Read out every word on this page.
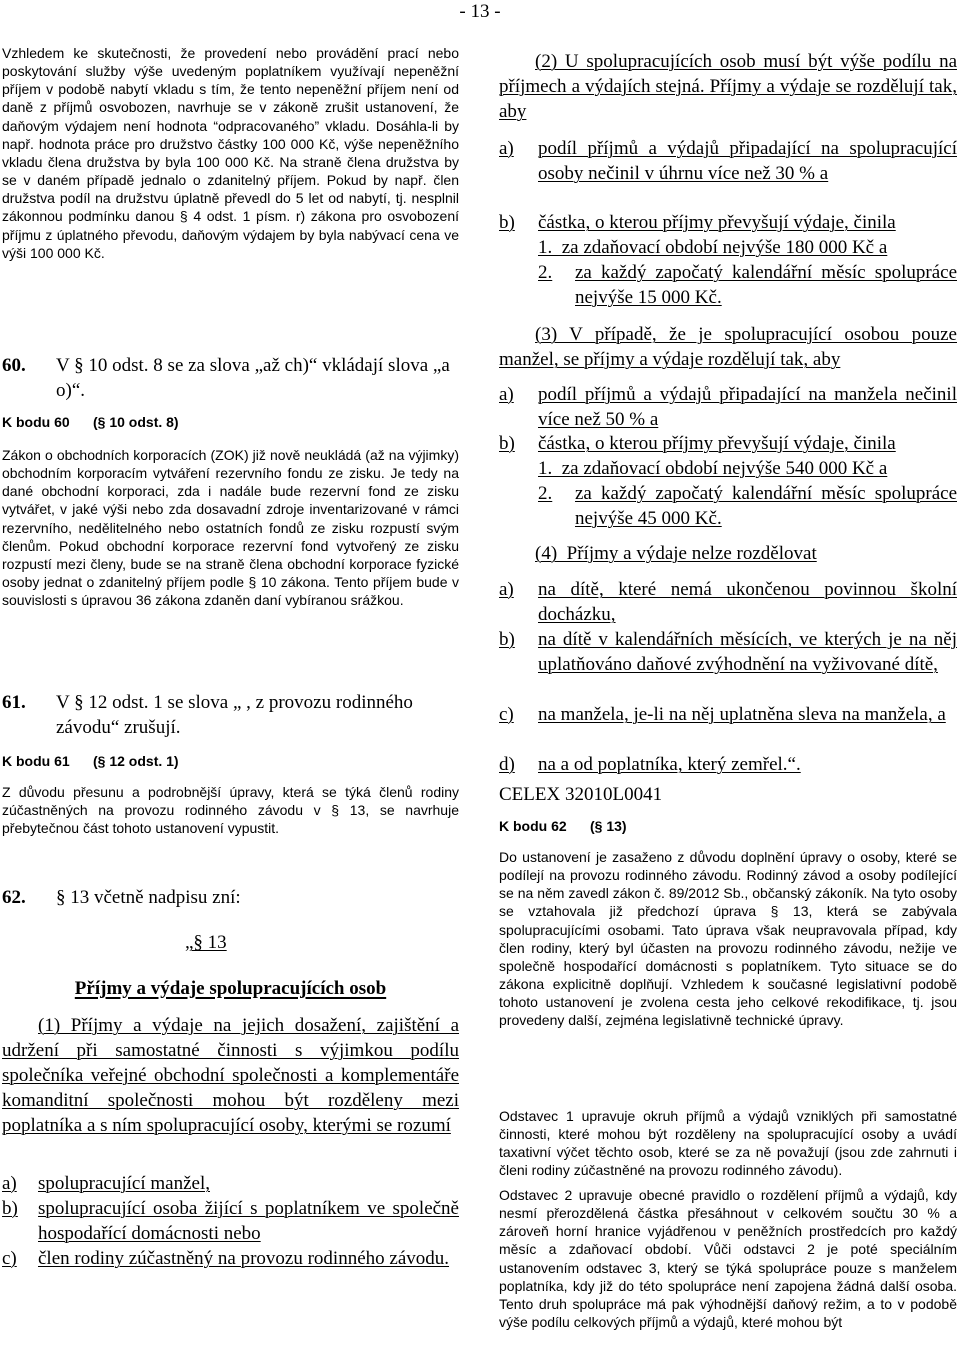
- 13 -
Vzhledem ke skutečnosti, že provedení nebo provádění prací nebo poskytování služby výše uvedeným poplatníkem využívají nepeněžní příjem v podobě nabytí vkladu s tím, že tento nepeněžní příjem není od daně z příjmů osvobozen, navrhuje se v zákoně zrušit ustanovení, že daňovým výdajem není hodnota “odpracovaného” vkladu. Dosáhla-li by např. hodnota práce pro družstvo částky 100 000 Kč, výše nepeněžního vkladu člena družstva by byla 100 000 Kč. Na straně člena družstva by se v daném případě jednalo o zdanitelný příjem. Pokud by např. člen družstva podíl na družstvu úplatně převedl do 5 let od nabytí, tj. nesplnil zákonnou podmínku danou § 4 odst. 1 písm. r) zákona pro osvobození příjmu z úplatného převodu, daňovým výdajem by byla nabývací cena ve výši 100 000 Kč.
60.	V § 10 odst. 8 se za slova „až ch)“ vkládají slova „a o)“.
K bodu 60      (§ 10 odst. 8)
Zákon o obchodních korporacích (ZOK) již nově neukládá (až na výjimky) obchodním korporacím vytváření rezervního fondu ze zisku. Je tedy na dané obchodní korporaci, zda i nadále bude rezervní fond ze zisku vytvářet, v jaké výši nebo zda dosavadní zdroje inventarizované v rámci rezervního, nedělitelného nebo ostatních fondů ze zisku rozpustí svým členům. Pokud obchodní korporace rezervní fond vytvořený ze zisku rozpustí mezi členy, bude se na straně člena obchodní korporace fyzické osoby jednat o zdanitelný příjem podle § 10 zákona. Tento příjem bude v souvislosti s úpravou 36 zákona zdaněn daní vybíranou srážkou.
61.	V § 12 odst. 1 se slova „ , z provozu rodinného závodu“ zrušují.
K bodu 61      (§ 12 odst. 1)
Z důvodu přesunu a podrobnější úpravy, která se týká členů rodiny zúčastněných na provozu rodinného závodu v § 13, se navrhuje přebytečnou část tohoto ustanovení vypustit.
62.	§ 13 včetně nadpisu zní:
„§ 13
Příjmy a výdaje spolupracujících osob
(1) Příjmy a výdaje na jejich dosažení, zajištění a udržení při samostatné činnosti s výjimkou podílu společníka veřejné obchodní společnosti a komplementáře komanditní společnosti mohou být rozděleny mezi poplatníka a s ním spolupracující osoby, kterými se rozumí
a)	spolupracující manžel,
b)	spolupracující osoba žijící s poplatníkem ve společně hospodařící domácnosti nebo
c)	člen rodiny zúčastněný na provozu rodinného závodu.
(2) U spolupracujících osob musí být výše podílu na příjmech a výdajích stejná. Příjmy a výdaje se rozdělují tak, aby
a)	podíl příjmů a výdajů připadající na spolupracující osoby nečinil v úhrnu více než 30 % a
b)	částka, o kterou příjmy převyšují výdaje, činila
1.  za zdaňovací období nejvýše 180 000 Kč a
2.	za každý započatý kalendářní měsíc spolupráce nejvýše 15 000 Kč.
(3) V případě, že je spolupracující osobou pouze manžel, se příjmy a výdaje rozdělují tak, aby
a)	podíl příjmů a výdajů připadající na manžela nečinil více než 50 % a
b)	částka, o kterou příjmy převyšují výdaje, činila
1.  za zdaňovací období nejvýše 540 000 Kč a
2.	za každý započatý kalendářní měsíc spolupráce nejvýše 45 000 Kč.
(4)  Příjmy a výdaje nelze rozdělovat
a)	na dítě, které nemá ukončenou povinnou školní docházku,
b)	na dítě v kalendářních měsících, ve kterých je na něj uplatňováno daňové zvýhodnění na vyživované dítě,
c)	na manžela, je-li na něj uplatněna sleva na manžela, a
d)	na a od poplatníka, který zemřel.“.
CELEX 32010L0041
K bodu 62      (§ 13)
Do ustanovení je zasaženo z důvodu doplnění úpravy o osoby, které se podílejí na provozu rodinného závodu. Rodinný závod a osoby podílející se na něm zavedl zákon č. 89/2012 Sb., občanský zákoník. Na tyto osoby se vztahovala již předchozí úprava § 13, která se zabývala spolupracujícími osobami. Tato úprava však neupravovala případ, kdy člen rodiny, který byl účasten na provozu rodinného závodu, nežije ve společně hospodařící domácnosti s poplatníkem. Tyto situace se do zákona explicitně doplňují. Vzhledem k současné legislativní podobě tohoto ustanovení je zvolena cesta jeho celkové rekodifikace, tj. jsou provedeny další, zejména legislativně technické úpravy.
Odstavec 1 upravuje okruh příjmů a výdajů vzniklých při samostatné činnosti, které mohou být rozděleny na spolupracující osoby a uvádí taxativní výčet těchto osob, které se za ně považují (jsou zde zahrnuti i členi rodiny zúčastněné na provozu rodinného závodu).
Odstavec 2 upravuje obecné pravidlo o rozdělení příjmů a výdajů, kdy nesmí přerozdělená částka přesáhnout v celkovém součtu 30 % a zároveň horní hranice vyjádřenou v peněžních prostředcích pro každý měsíc a zdaňovací období. Vůči odstavci 2 je poté speciálním ustanovením odstavec 3, který se týká spolupráce pouze s manželem poplatníka, kdy již do této spolupráce není zapojena žádná další osoba. Tento druh spolupráce má pak výhodnější daňový režim, a to v podobě výše podílu celkových příjmů a výdajů, které mohou být
